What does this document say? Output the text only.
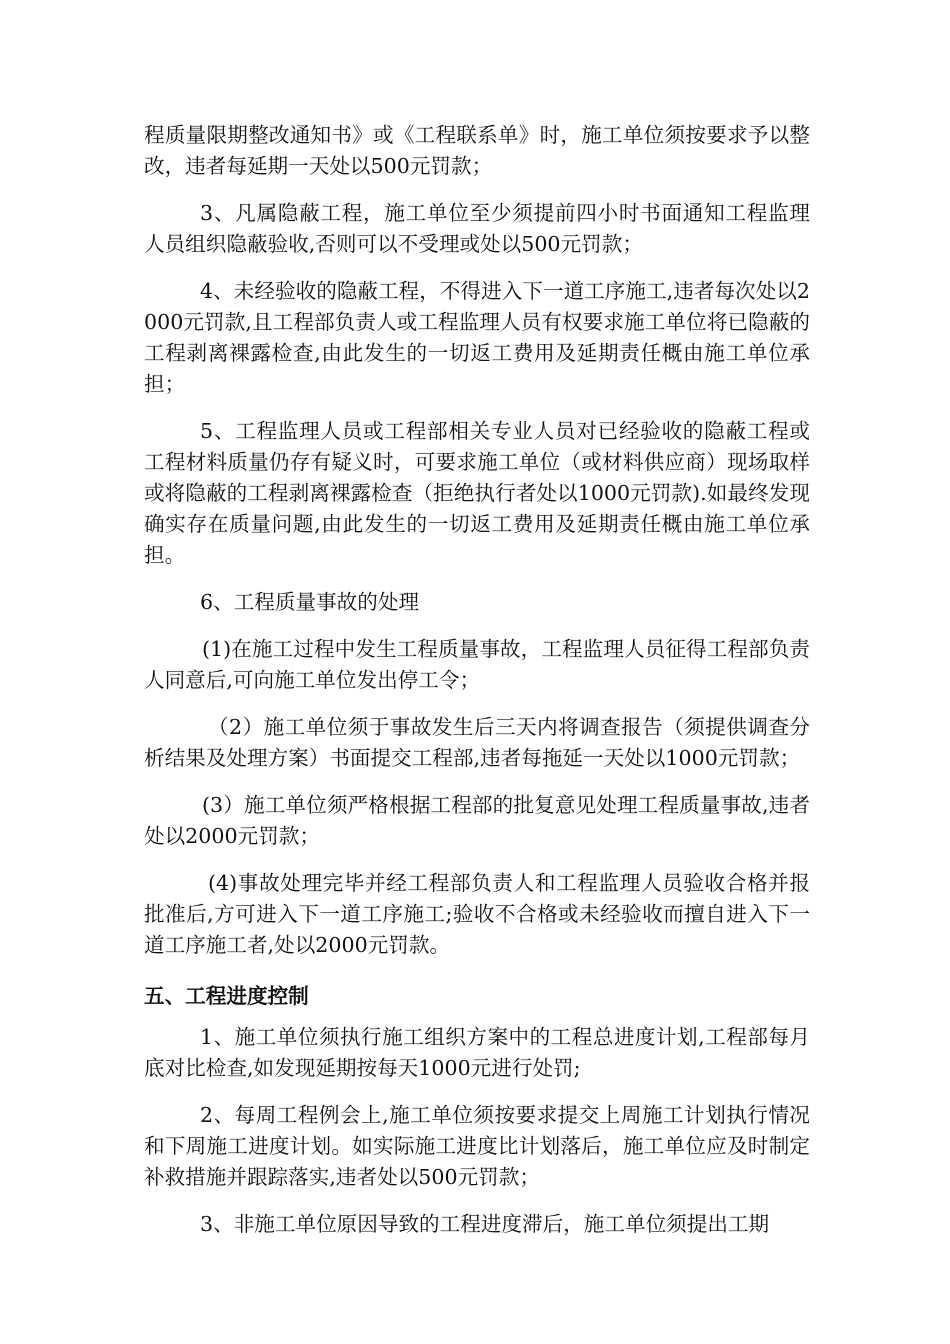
程质量限期整改通知书》或《工程联系单》时，施工单位须按要求予以整改，违者每延期一天处以500元罚款；

3、凡属隐蔽工程，施工单位至少须提前四小时书面通知工程监理人员组织隐蔽验收,否则可以不受理或处以500元罚款；

4、未经验收的隐蔽工程，不得进入下一道工序施工,违者每次处以2000元罚款,且工程部负责人或工程监理人员有权要求施工单位将已隐蔽的工程剥离裸露检查,由此发生的一切返工费用及延期责任概由施工单位承担；

5、工程监理人员或工程部相关专业人员对已经验收的隐蔽工程或工程材料质量仍存有疑义时，可要求施工单位（或材料供应商）现场取样或将隐蔽的工程剥离裸露检查（拒绝执行者处以1000元罚款).如最终发现确实存在质量问题,由此发生的一切返工费用及延期责任概由施工单位承担。

6、工程质量事故的处理

(1)在施工过程中发生工程质量事故，工程监理人员征得工程部负责人同意后,可向施工单位发出停工令；

（2）施工单位须于事故发生后三天内将调查报告（须提供调查分析结果及处理方案）书面提交工程部,违者每拖延一天处以1000元罚款；

(3）施工单位须严格根据工程部的批复意见处理工程质量事故,违者处以2000元罚款；

(4)事故处理完毕并经工程部负责人和工程监理人员验收合格并报批准后,方可进入下一道工序施工;验收不合格或未经验收而擅自进入下一道工序施工者,处以2000元罚款。

五、工程进度控制

1、施工单位须执行施工组织方案中的工程总进度计划,工程部每月底对比检查,如发现延期按每天1000元进行处罚;

2、每周工程例会上,施工单位须按要求提交上周施工计划执行情况和下周施工进度计划。如实际施工进度比计划落后，施工单位应及时制定补救措施并跟踪落实,违者处以500元罚款；

3、非施工单位原因导致的工程进度滞后，施工单位须提出工期
